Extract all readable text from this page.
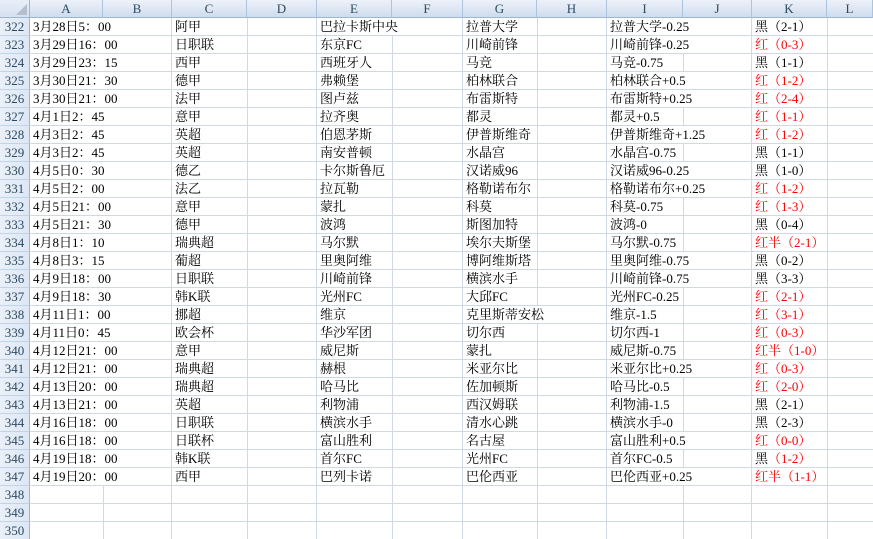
A	B	C	D	E	F	G	H	I	J	K	L
322 3月28日5：00	阿甲	巴拉卡斯中央	拉普大学	拉普大学-0.25	黑（2-1）
323 3月29日16：00	日职联	东京FC	川崎前锋	川崎前锋-0.25	红（0-3）
324 3月29日23：15	西甲	西班牙人	马竞	马竞-0.75	黑（1-1）
325 3月30日21：30	德甲	弗赖堡	柏林联合	柏林联合+0.5	红（1-2）
326 3月30日21：00	法甲	图卢兹	布雷斯特	布雷斯特+0.25	红（2-4）
327 4月1日2：45	意甲	拉齐奥	都灵	都灵+0.5	红（1-1）
328 4月3日2：45	英超	伯恩茅斯	伊普斯维奇	伊普斯维奇+1.25	红（1-2）
329 4月3日2：45	英超	南安普顿	水晶宫	水晶宫-0.75	黑（1-1）
330 4月5日0：30	德乙	卡尔斯鲁厄	汉诺威96	汉诺威96-0.25	黑（1-0）
331 4月5日2：00	法乙	拉瓦勒	格勒诺布尔	格勒诺布尔+0.25	红（1-2）
332 4月5日21：00	意甲	蒙扎	科莫	科莫-0.75	红（1-3）
333 4月5日21：30	德甲	波鸿	斯图加特	波鸿-0	黑（0-4）
334 4月8日1：10	瑞典超	马尔默	埃尔夫斯堡	马尔默-0.75	红半（2-1）
335 4月8日3：15	葡超	里奥阿维	博阿维斯塔	里奥阿维-0.75	黑（0-2）
336 4月9日18：00	日职联	川崎前锋	横滨水手	川崎前锋-0.75	黑（3-3）
337 4月9日18：30	韩K联	光州FC	大邱FC	光州FC-0.25	红（2-1）
338 4月11日1：00	挪超	维京	克里斯蒂安松	维京-1.5	红（3-1）
339 4月11日0：45	欧会杯	华沙军团	切尔西	切尔西-1	红（0-3）
340 4月12日21：00	意甲	威尼斯	蒙扎	威尼斯-0.75	红半（1-0）
341 4月12日21：00	瑞典超	赫根	米亚尔比	米亚尔比+0.25	红（0-3）
342 4月13日20：00	瑞典超	哈马比	佐加顿斯	哈马比-0.5	红（2-0）
343 4月13日21：00	英超	利物浦	西汉姆联	利物浦-1.5	黑（2-1）
344 4月16日18：00	日职联	横滨水手	清水心跳	横滨水手-0	黑（2-3）
345 4月16日18：00	日联杯	富山胜利	名古屋	富山胜利+0.5	红（0-0）
346 4月19日18：00	韩K联	首尔FC	光州FC	首尔FC-0.5	黑（1-2）
347 4月19日20：00	西甲	巴列卡诺	巴伦西亚	巴伦西亚+0.25	红半（1-1）
348
349
350
